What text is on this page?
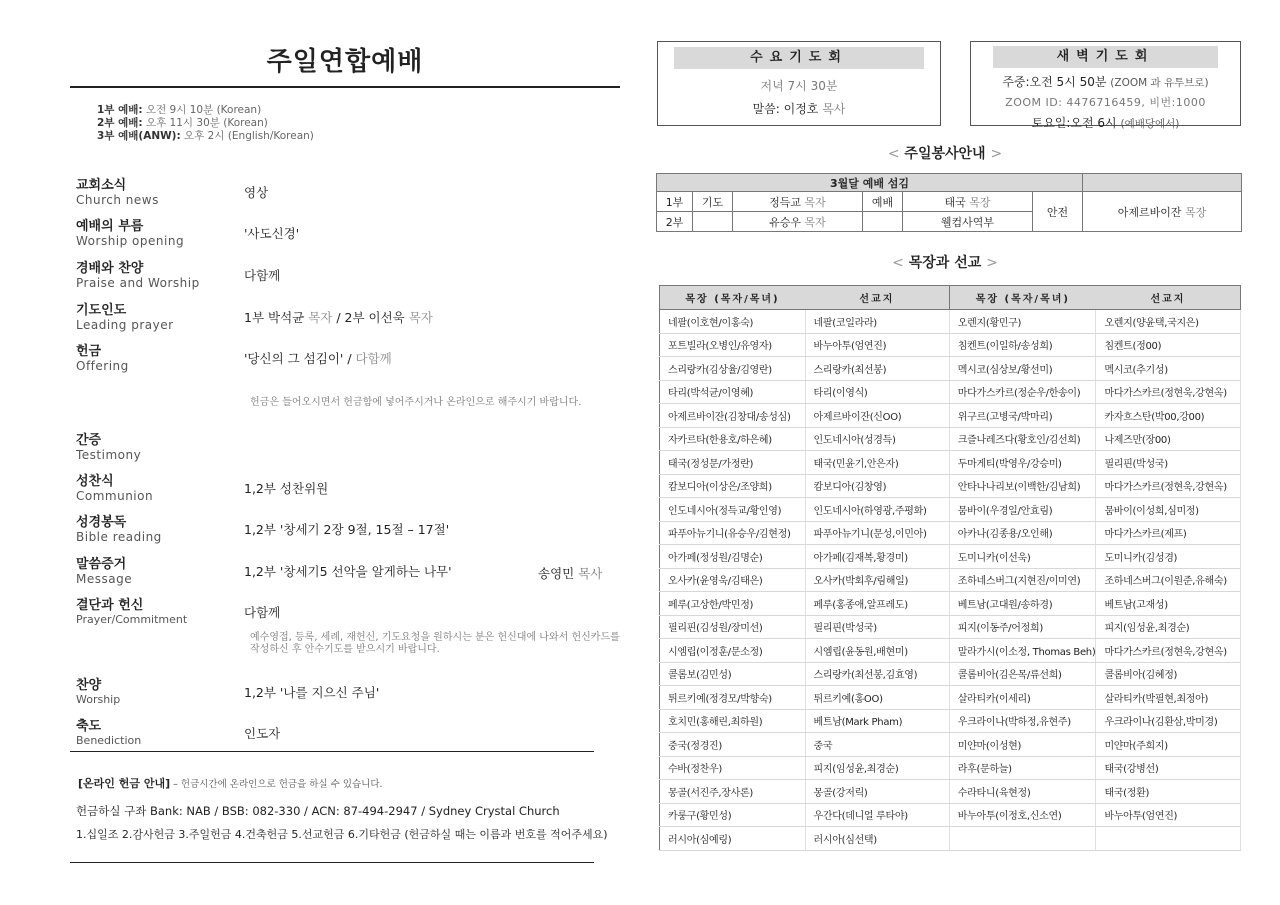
주일연합예배
1부 예배: 오전 9시 10분 (Korean)
2부 예배: 오후 11시 30분 (Korean)
3부 예배(ANW): 오후 2시 (English/Korean)
교회소식
Church news	영상
예배의 부름
Worship opening	'사도신경'
경배와 찬양
Praise and Worship	다함께
기도인도
Leading prayer	1부 박석균 목자 / 2부 이선욱 목자
헌금
Offering	'당신의 그 섬김이' / 다함께
헌금은 들어오시면서 헌금함에 넣어주시거나 온라인으로 해주시기 바랍니다.
간증
Testimony
성찬식
Communion	1,2부 성찬위원
성경봉독
Bible reading	1,2부 '창세기 2장 9절, 15절 – 17절'
말씀증거
Message	1,2부 '창세기5 선악을 알게하는 나무'	송영민 목사
결단과 헌신
Prayer/Commitment	다함께
예수영접, 등록, 세례, 재헌신, 기도요청을 원하시는 분은 헌신대에 나와서 헌신카드를 작성하신 후 안수기도를 받으시기 바랍니다.
찬양
Worship	1,2부 '나를 지으신 주님'
축도
Benediction	인도자
[온라인 헌금 안내] – 헌금시간에 온라인으로 헌금을 하실 수 있습니다.
헌금하실 구좌 Bank: NAB / BSB: 082-330 / ACN: 87-494-2947 / Sydney Crystal Church
1.십일조 2.감사헌금 3.주일헌금 4.건축헌금 5.선교헌금 6.기타헌금 (헌금하실 때는 이름과 번호를 적어주세요)
수요기도회
저녁 7시 30분
말씀: 이정호 목사
새벽기도회
주중:오전 5시 50분 (ZOOM 과 유투브로)
ZOOM ID: 4476716459, 비번:1000
토요일:오전 6시 (예배당에서)
< 주일봉사안내 >
3월달 예배 섬김						
1부	기도	정득교 목자	예배	태국 목장	안전	아제르바이잔 목장
2부		유승우 목자		웰컴사역부		
< 목장과 선교 >
목장 (목자/목녀)	선교지	목장 (목자/목녀)	선교지
네팔(이호현/이홍숙)	네팔(코일라라)	오렌지(황민구)	오렌지(양윤택,국지은)
포트빌라(오병인/유영자)	바누아투(엄연진)	침켄트(이일하/송성희)	침켄트(정00)
스리랑카(김상율/김영란)	스리랑카(최선봉)	멕시코(심상보/황선미)	멕시코(추기성)
타리(박석균/이영혜)	타리(이영식)	마다가스카르(정순우/한송이)	마다가스카르(정현욱,강현옥)
아제르바이잔(김창대/송성심)	아제르바이잔(신OO)	위구르(고병국/박마리)	카자흐스탄(박00,강00)
자카르타(한용호/하은혜)	인도네시아(성경득)	크즐나레즈다(황호인/김선희)	나제즈만(장00)
태국(정성문/가정란)	태국(민윤기,안은자)	두마게티(박영우/강승미)	필리핀(박성국)
캄보디아(이상은/조양희)	캄보디아(김창영)	안타나나리보(이백한/김남희)	마다가스카르(정현욱,강현옥)
인도네시아(정득교/황인영)	인도네시아(하영광,주평화)	뭄바이(우경일/안효림)	뭄바이(이성희,심미정)
파푸아뉴기니(유승우/김현정)	파푸아뉴기니(문성,이민아)	아카나(김종용/오인해)	마다가스카르(제프)
아가페(정성원/김명순)	아가페(김재복,황경미)	도미니카(이선욱)	도미니카(김성경)
오사카(윤영욱/김태은)	오사카(박회후/림해일)	조하네스버그(지현진/이미연)	조하네스버그(이원준,유해숙)
페루(고상한/박민정)	페루(홍종애,알프레도)	베트남(고대원/송하경)	베트남(고재성)
필리핀(김성원/장미선)	필리핀(박성국)	피지(이동주/어정희)	피지(임성윤,최경순)
시엠립(이정훈/문소정)	시엠립(윤동원,배현미)	말라가시(이소정, Thomas Beh)	마다가스카르(정현욱,강현옥)
콜롬보(김민성)	스리랑카(최선봉,김효영)	콜롬비아(김은목/류선희)	콜롬비아(김혜정)
튀르키예(정경모/박향숙)	튀르키예(홍OO)	살라티카(이세리)	살라티카(박필현,최정아)
호치민(홍해린,최하원)	베트남(Mark Pham)	우크라이나(박하정,유현주)	우크라이나(김환삼,박미경)
중국(정경진)	중국	미얀마(이성현)	미얀마(주희지)
수바(정찬우)	피지(임성윤,최경순)	라후(문하늘)	태국(강병선)
몽골(서진주,장사론)	몽골(강저릭)	수라타니(육현정)	태국(정환)
카룽구(황민성)	우간다(데니얼 루타야)	바누아투(이정호,신소연)	바누아투(엄연진)
러시아(심예링)	러시아(심선택)		
